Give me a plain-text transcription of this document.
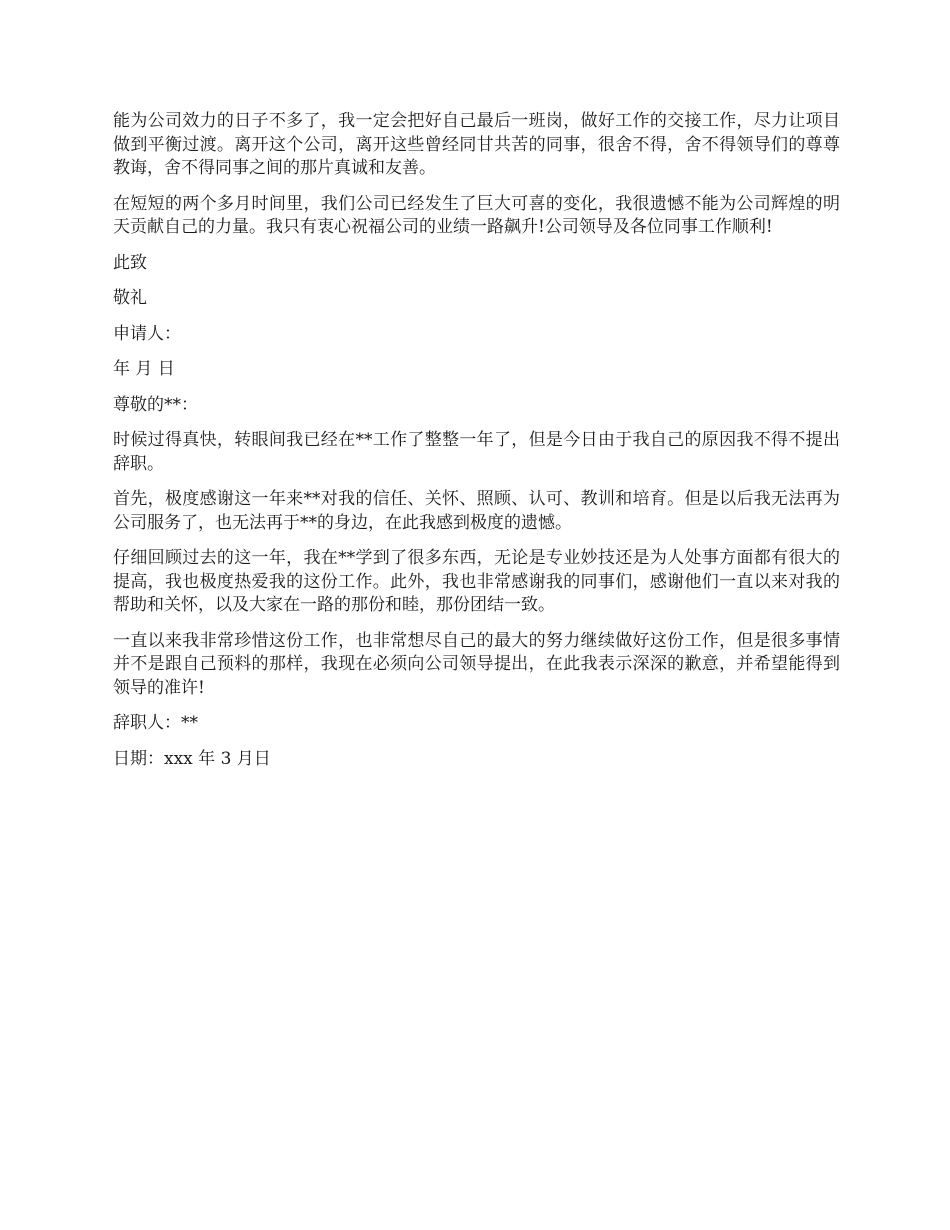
能为公司效力的日子不多了，我一定会把好自己最后一班岗，做好工作的交接工作，尽力让项目做到平衡过渡。离开这个公司，离开这些曾经同甘共苦的同事，很舍不得，舍不得领导们的尊尊教诲，舍不得同事之间的那片真诚和友善。

在短短的两个多月时间里，我们公司已经发生了巨大可喜的变化，我很遗憾不能为公司辉煌的明天贡献自己的力量。我只有衷心祝福公司的业绩一路飙升!公司领导及各位同事工作顺利!

此致

敬礼

申请人：

年 月 日

尊敬的**：

时候过得真快，转眼间我已经在**工作了整整一年了，但是今日由于我自己的原因我不得不提出辞职。

首先，极度感谢这一年来**对我的信任、关怀、照顾、认可、教训和培育。但是以后我无法再为公司服务了，也无法再于**的身边，在此我感到极度的遗憾。

仔细回顾过去的这一年，我在**学到了很多东西，无论是专业妙技还是为人处事方面都有很大的提高，我也极度热爱我的这份工作。此外，我也非常感谢我的同事们，感谢他们一直以来对我的帮助和关怀，以及大家在一路的那份和睦，那份团结一致。

一直以来我非常珍惜这份工作，也非常想尽自己的最大的努力继续做好这份工作，但是很多事情并不是跟自己预料的那样，我现在必须向公司领导提出，在此我表示深深的歉意，并希望能得到领导的准许!

辞职人：**

日期：xxx 年 3 月日
